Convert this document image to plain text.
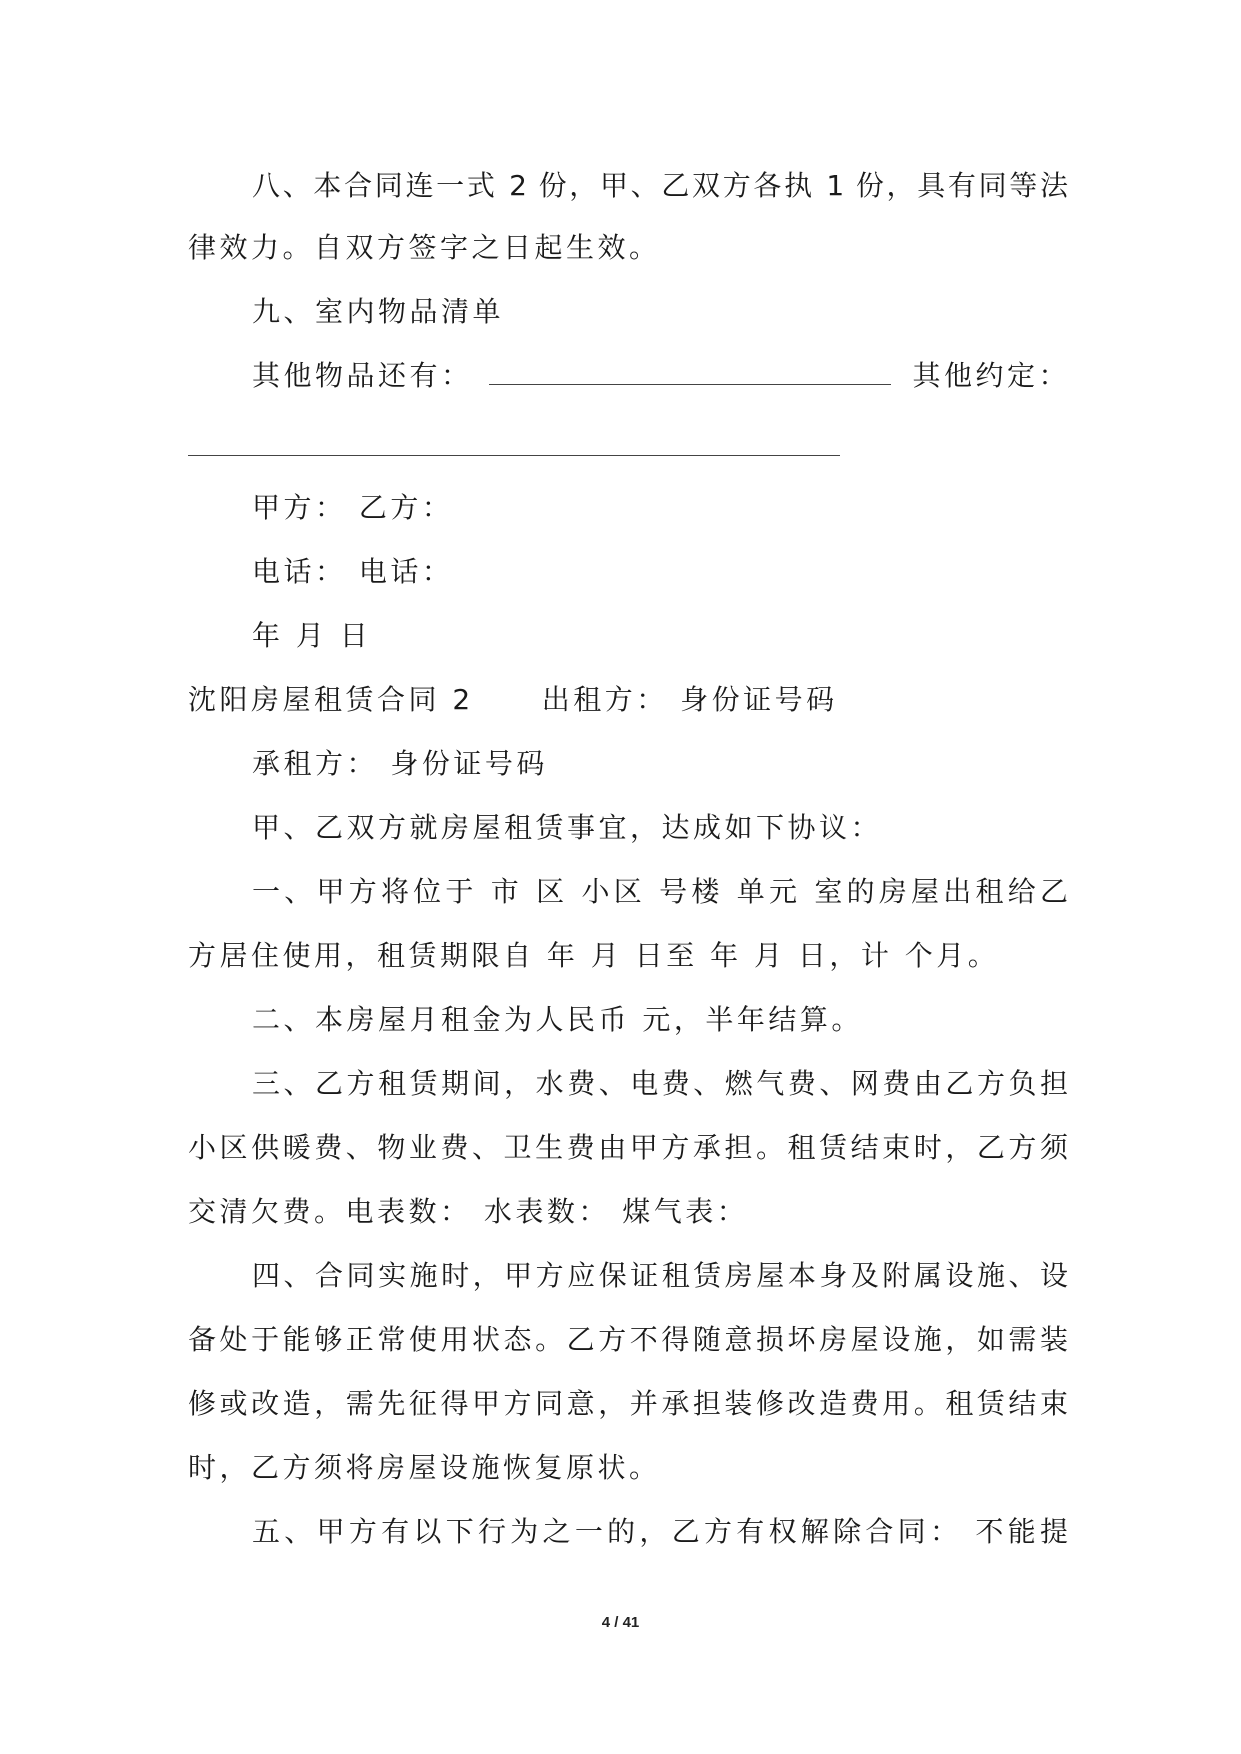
八、本合同连一式 2 份，甲、乙双方各执 1 份，具有同等法
律效力。自双方签字之日起生效。
九、室内物品清单
其他物品还有：	其他约定：
甲方： 乙方：
电话： 电话：
年 月 日
沈阳房屋租赁合同 2 出租方： 身份证号码
承租方： 身份证号码
甲、乙双方就房屋租赁事宜，达成如下协议：
一、甲方将位于 市 区 小区 号楼 单元 室的房屋出租给乙
方居住使用，租赁期限自 年 月 日至 年 月 日，计 个月。
二、本房屋月租金为人民币 元，半年结算。
三、乙方租赁期间，水费、电费、燃气费、网费由乙方负担
小区供暖费、物业费、卫生费由甲方承担。租赁结束时，乙方须
交清欠费。电表数： 水表数： 煤气表：
四、合同实施时，甲方应保证租赁房屋本身及附属设施、设
备处于能够正常使用状态。乙方不得随意损坏房屋设施，如需装
修或改造，需先征得甲方同意，并承担装修改造费用。租赁结束
时，乙方须将房屋设施恢复原状。
五、甲方有以下行为之一的，乙方有权解除合同： 不能提
4 / 41
